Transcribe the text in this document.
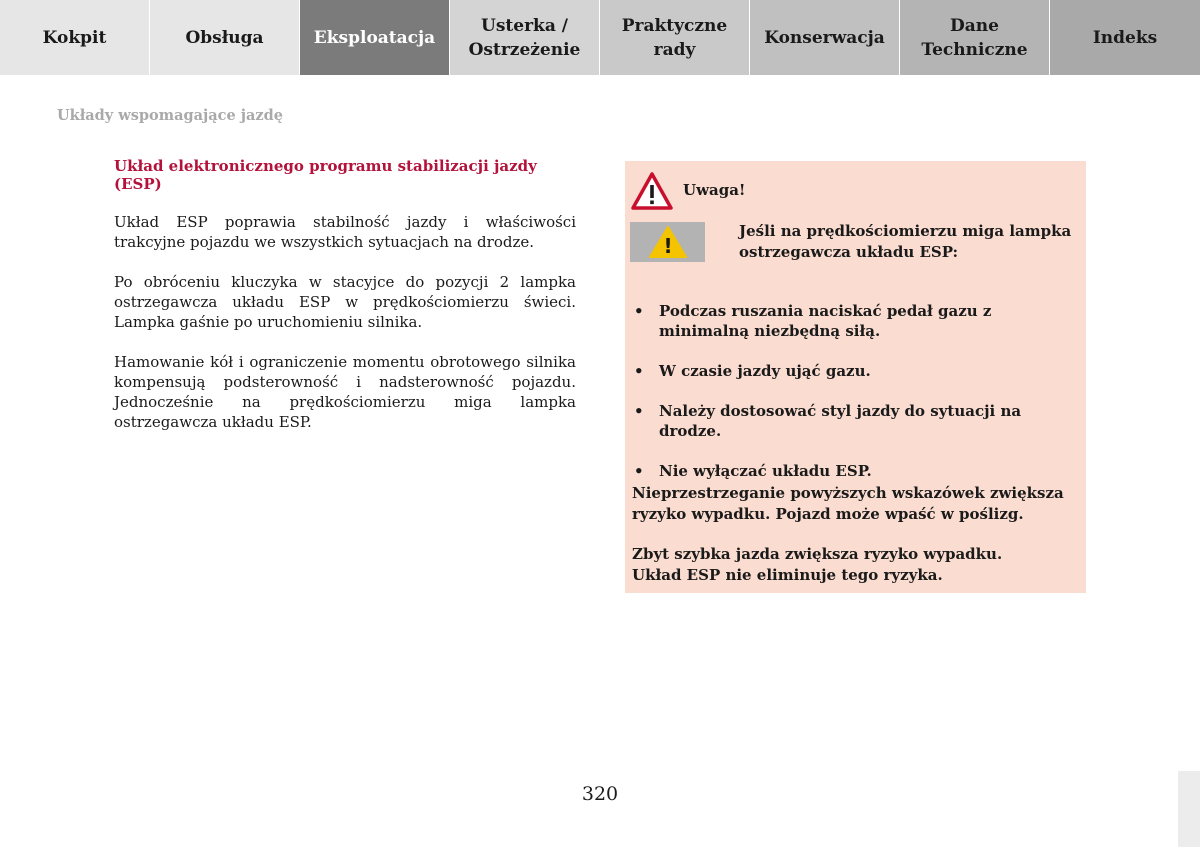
Kokpit	Obsługa	Eksploatacja
Usterka /
Ostrzeżenie
Praktyczne
rady
Konserwacja
Dane
Techniczne
Indeks
Układy wspomagające jazdę
Układ elektronicznego programu stabilizacji jazdy (ESP)

Układ ESP poprawia stabilność jazdy i właściwości trakcyjne pojazdu we wszystkich sytuacjach na drodze.

Po obróceniu kluczyka w stacyjce do pozycji 2 lampka ostrzegawcza układu ESP w prędkościomierzu świeci. Lampka gaśnie po uruchomieniu silnika.

Hamowanie kół i ograniczenie momentu obrotowego silnika kompensują podsterowność i nadsterowność pojazdu. Jednocześnie na prędkościomierzu miga lampka ostrzegawcza układu ESP.

Uwaga!
!
Jeśli na prędkościomierzu miga lampka ostrzegawcza układu ESP:
• Podczas ruszania naciskać pedał gazu z minimalną niezbędną siłą.
• W czasie jazdy ująć gazu.
• Należy dostosować styl jazdy do sytuacji na drodze.
• Nie wyłączać układu ESP.

Nieprzestrzeganie powyższych wskazówek zwiększa ryzyko wypadku. Pojazd może wpaść w poślizg.

Zbyt szybka jazda zwiększa ryzyko wypadku.
Układ ESP nie eliminuje tego ryzyka.

320
